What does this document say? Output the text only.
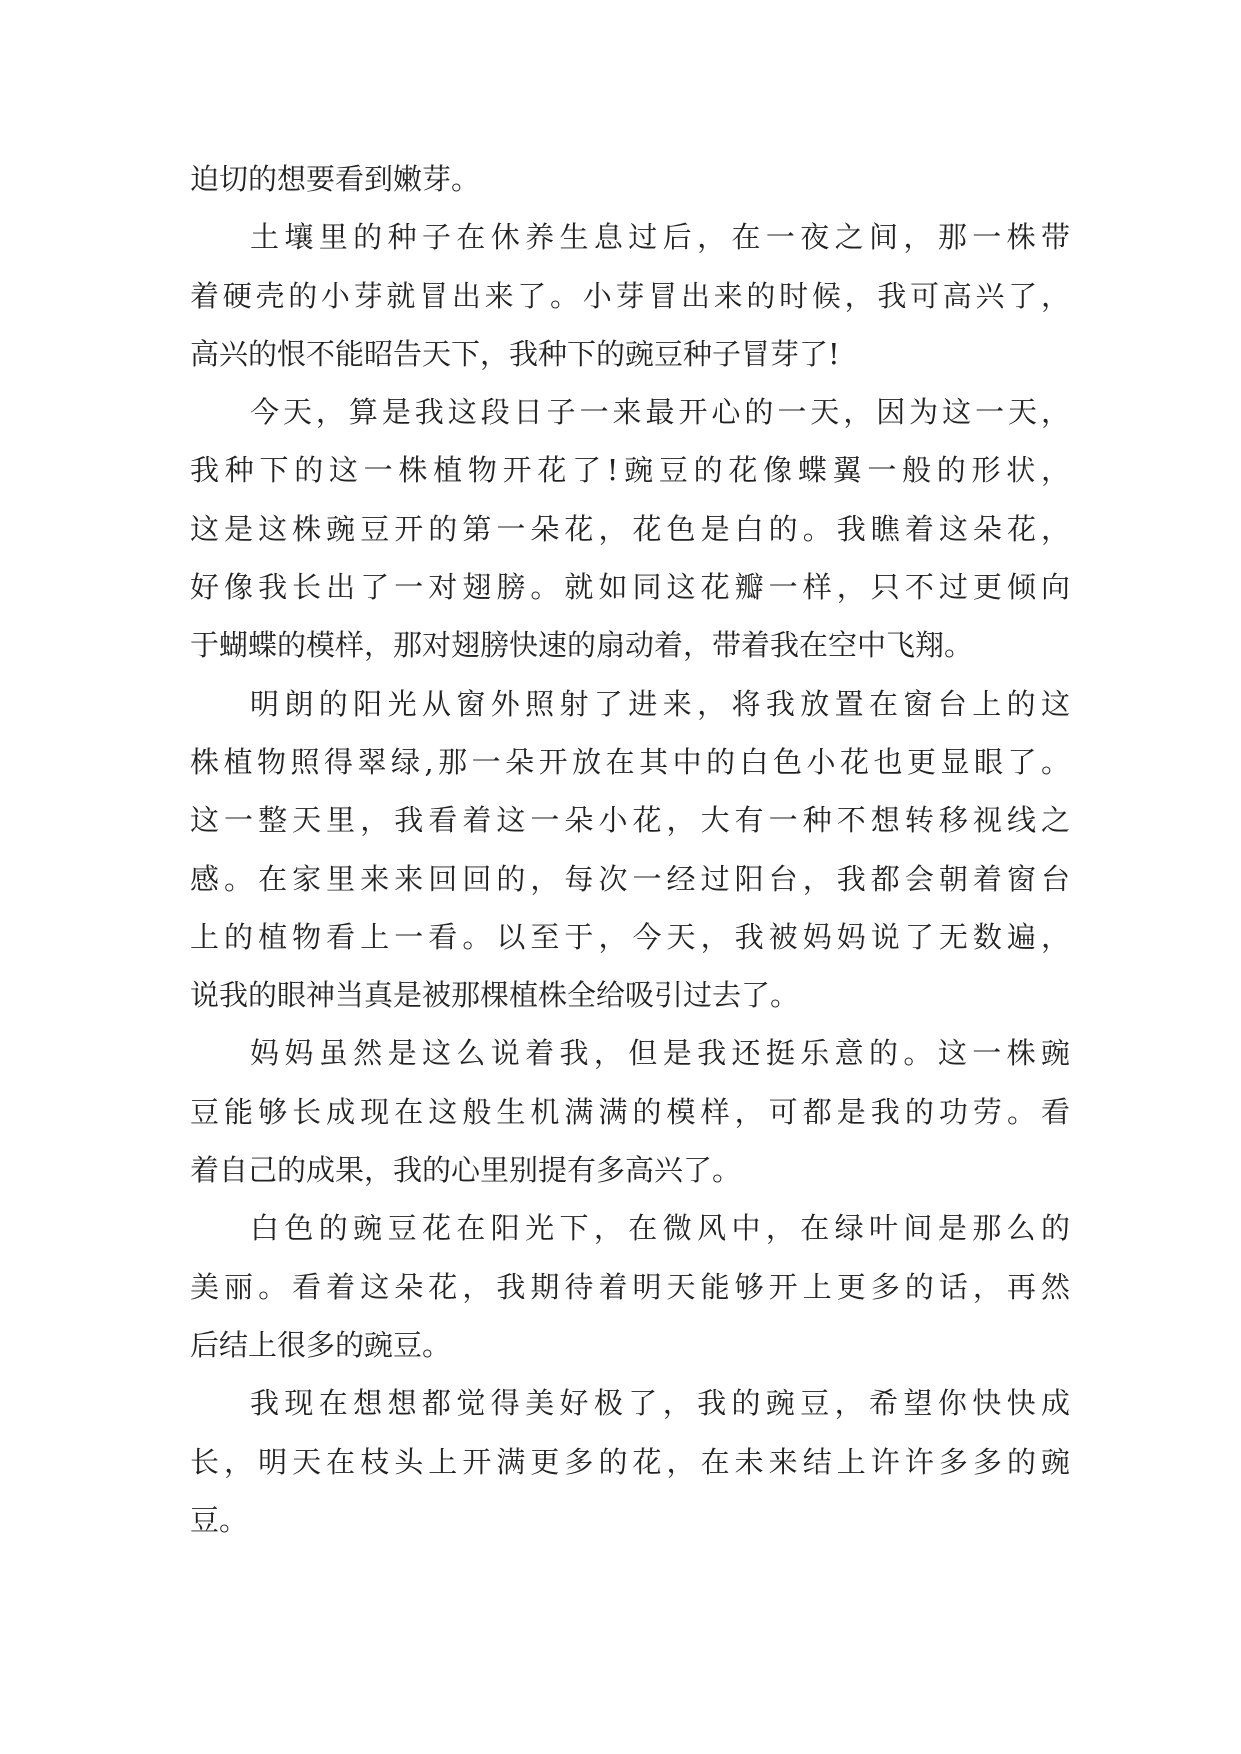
迫切的想要看到嫩芽。
土壤里的种子在休养生息过后，在一夜之间，那一株带
着硬壳的小芽就冒出来了。小芽冒出来的时候，我可高兴了，
高兴的恨不能昭告天下，我种下的豌豆种子冒芽了!
今天，算是我这段日子一来最开心的一天，因为这一天，
我种下的这一株植物开花了!豌豆的花像蝶翼一般的形状，
这是这株豌豆开的第一朵花，花色是白的。我瞧着这朵花，
好像我长出了一对翅膀。就如同这花瓣一样，只不过更倾向
于蝴蝶的模样，那对翅膀快速的扇动着，带着我在空中飞翔。
明朗的阳光从窗外照射了进来，将我放置在窗台上的这
株植物照得翠绿,那一朵开放在其中的白色小花也更显眼了。
这一整天里，我看着这一朵小花，大有一种不想转移视线之
感。在家里来来回回的，每次一经过阳台，我都会朝着窗台
上的植物看上一看。以至于，今天，我被妈妈说了无数遍，
说我的眼神当真是被那棵植株全给吸引过去了。
妈妈虽然是这么说着我，但是我还挺乐意的。这一株豌
豆能够长成现在这般生机满满的模样，可都是我的功劳。看
着自己的成果，我的心里别提有多高兴了。
白色的豌豆花在阳光下，在微风中，在绿叶间是那么的
美丽。看着这朵花，我期待着明天能够开上更多的话，再然
后结上很多的豌豆。
我现在想想都觉得美好极了，我的豌豆，希望你快快成
长，明天在枝头上开满更多的花，在未来结上许许多多的豌
豆。
